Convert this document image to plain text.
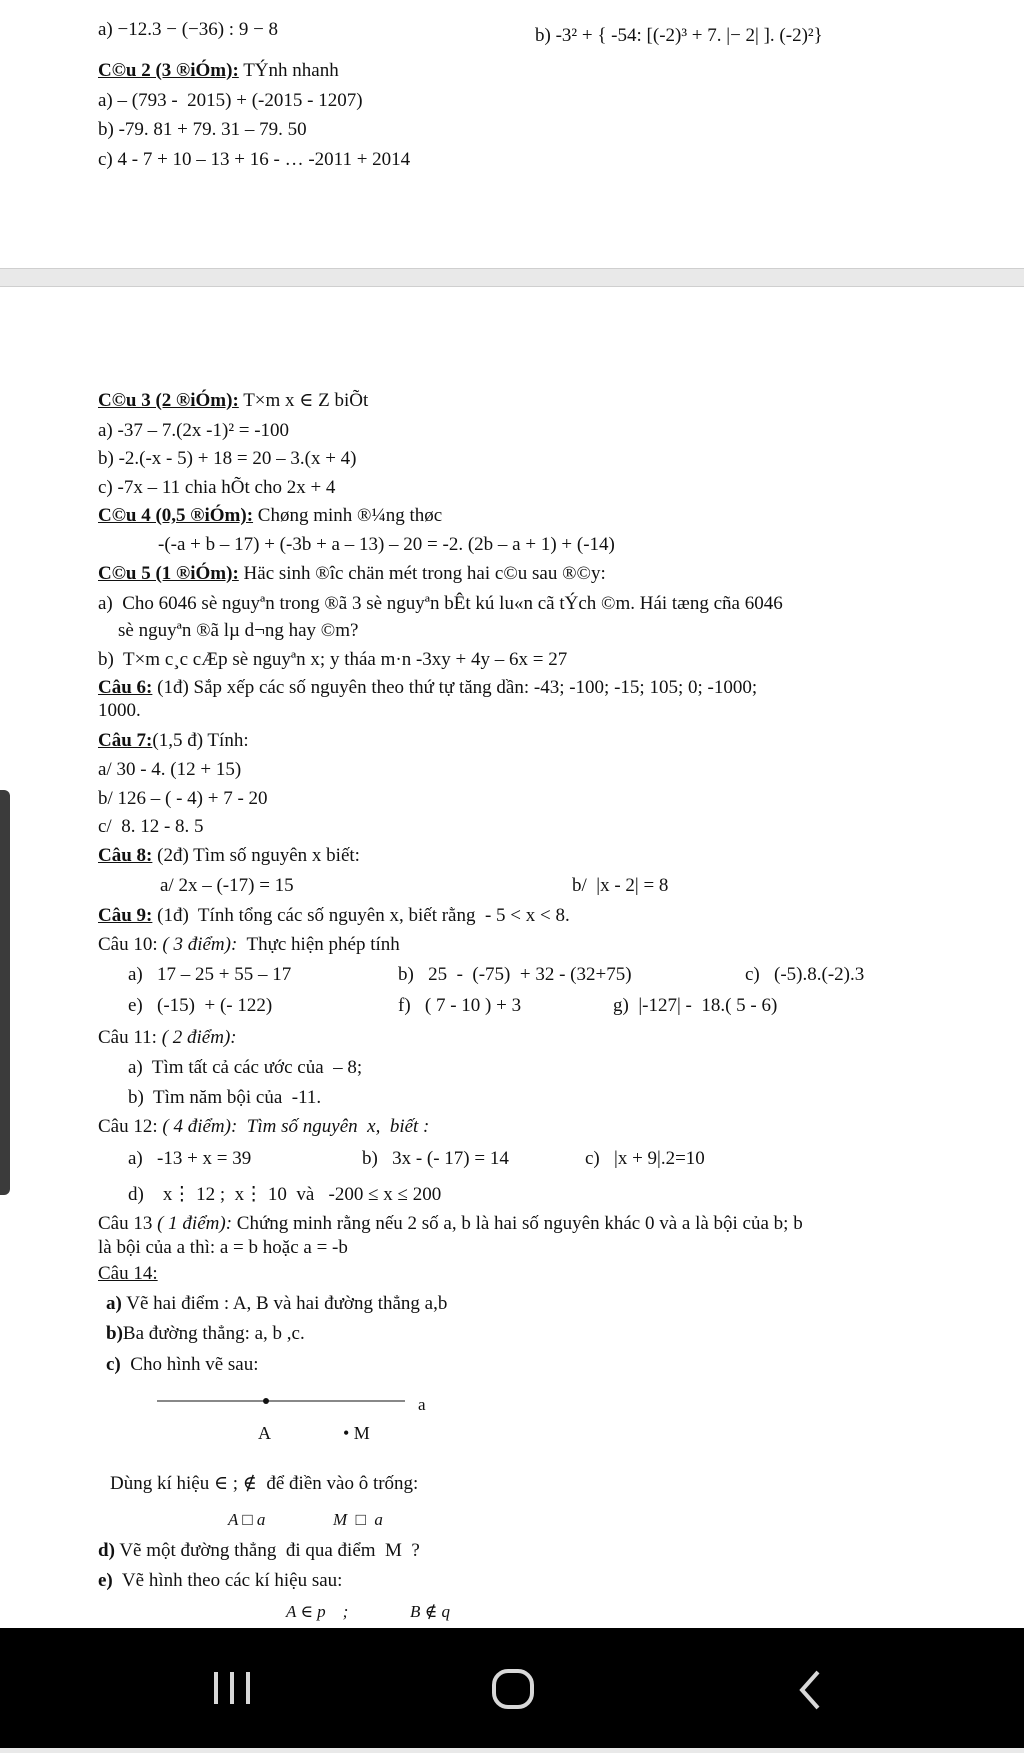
a) −12.3 − (−36) : 9 − 8	b) -3² + { -54: [(-2)³ + 7. |− 2| ]. (-2)²}
C©u 2 (3 ®iÓm): TÝnh nhanh
a) – (793 -  2015) + (-2015 - 1207)
b) -79. 81 + 79. 31 – 79. 50
c) 4 - 7 + 10 – 13 + 16 - … -2011 + 2014
C©u 3 (2 ®iÓm): T×m x ∈ Z biÕt
a) -37 – 7.(2x -1)² = -100
b) -2.(-x - 5) + 18 = 20 – 3.(x + 4)
c) -7x – 11 chia hÕt cho 2x + 4
C©u 4 (0,5 ®iÓm): Chøng minh ®¼ng thøc
-(-a + b – 17) + (-3b + a – 13) – 20 = -2. (2b – a + 1) + (-14)
C©u 5 (1 ®iÓm): Häc sinh ®îc chän mét trong hai c©u sau ®©y:
a)  Cho 6046 sè nguyªn trong ®ã 3 sè nguyªn bÊt kú lu«n cã tÝch ©m. Hái tæng cña 6046
sè nguyªn ®ã lµ d¬ng hay ©m?
b)  T×m c¸c cÆp sè nguyªn x; y tháa m·n -3xy + 4y – 6x = 27
Câu 6: (1đ) Sắp xếp các số nguyên theo thứ tự tăng dần: -43; -100; -15; 105; 0; -1000;
1000.
Câu 7:(1,5 đ) Tính:
a/ 30 - 4. (12 + 15)
b/ 126 – ( - 4) + 7 - 20
c/  8. 12 - 8. 5
Câu 8: (2đ) Tìm số nguyên x biết:
a/ 2x – (-17) = 15	b/  |x - 2| = 8
Câu 9: (1đ)  Tính tổng các số nguyên x, biết rằng  - 5 < x < 8.
Câu 10: ( 3 điểm):  Thực hiện phép tính
a)   17 – 25 + 55 – 17	b)   25  -  (-75)  + 32 - (32+75)	c)   (-5).8.(-2).3
e)   (-15)  + (- 122)	f)   ( 7 - 10 ) + 3	g)  |-127| -  18.( 5 - 6)
Câu 11: ( 2 điểm):
a)  Tìm tất cả các ước của  – 8;
b)  Tìm năm bội của  -11.
Câu 12: ( 4 điểm):  Tìm số nguyên  x,  biết :
a)   -13 + x = 39	b)   3x - (- 17) = 14	c)   |x + 9|.2=10
d)    x⋮ 12 ;  x⋮ 10  và   -200 ≤ x ≤ 200
Câu 13 ( 1 điểm): Chứng minh rằng nếu 2 số a, b là hai số nguyên khác 0 và a là bội của b; b
là bội của a thì: a = b hoặc a = -b
Câu 14:
a) Vẽ hai điểm : A, B và hai đường thẳng a,b
b)Ba đường thẳng: a, b ,c.
c)  Cho hình vẽ sau:
a
A	• M
Dùng kí hiệu ∈ ; ∉  để điền vào ô trống:
A □ a	M  □  a
d) Vẽ một đường thẳng  đi qua điểm  M  ?
e)  Vẽ hình theo các kí hiệu sau:
A ∈ p    ;	B ∉ q
